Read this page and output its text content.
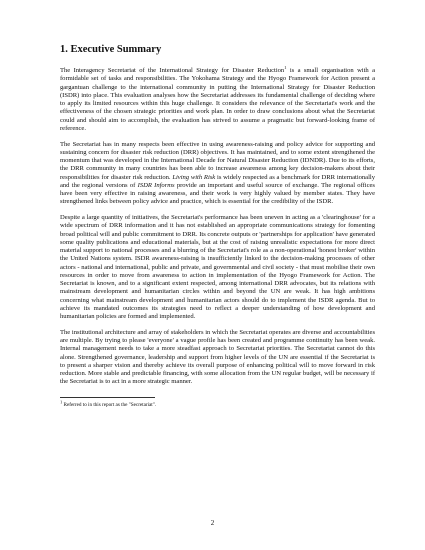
1. Executive Summary

The Interagency Secretariat of the International Strategy for Disaster Reduction$^1$ is a small organisation with a formidable set of tasks and responsibilities. The Yokohama Strategy and the Hyogo Framework for Action present a gargantuan challenge to the international community in putting the International Strategy for Disaster Reduction (ISDR) into place. This evaluation analyses how the Secretariat addresses its fundamental challenge of deciding where to apply its limited resources within this huge challenge. It considers the relevance of the Secretariat's work and the effectiveness of the chosen strategic priorities and work plan. In order to draw conclusions about what the Secretariat could and should aim to accomplish, the evaluation has strived to assume a pragmatic but forward-looking frame of reference.

The Secretariat has in many respects been effective in using awareness-raising and policy advice for supporting and sustaining concern for disaster risk reduction (DRR) objectives. It has maintained, and to some extent strengthened the momentum that was developed in the International Decade for Natural Disaster Reduction (IDNDR). Due to its efforts, the DRR community in many countries has been able to increase awareness among key decision-makers about their responsibilities for disaster risk reduction. Living with Risk is widely respected as a benchmark for DRR internationally and the regional versions of ISDR Informs provide an important and useful source of exchange. The regional offices have been very effective in raising awareness, and their work is very highly valued by member states. They have strengthened links between policy advice and practice, which is essential for the credibility of the ISDR.

Despite a large quantity of initiatives, the Secretariat's performance has been uneven in acting as a 'clearinghouse' for a wide spectrum of DRR information and it has not established an appropriate communications strategy for fomenting broad political will and public commitment to DRR. Its concrete outputs or 'partnerships for application' have generated some quality publications and educational materials, but at the cost of raising unrealistic expectations for more direct material support to national processes and a blurring of the Secretariat's role as a non-operational 'honest broker' within the United Nations system. ISDR awareness-raising is insufficiently linked to the decision-making processes of other actors - national and international, public and private, and governmental and civil society - that must mobilise their own resources in order to move from awareness to action in implementation of the Hyogo Framework for Action. The Secretariat is known, and to a significant extent respected, among international DRR advocates, but its relations with mainstream development and humanitarian circles within and beyond the UN are weak. It has high ambitions concerning what mainstream development and humanitarian actors should do to implement the ISDR agenda. But to achieve its mandated outcomes its strategies need to reflect a deeper understanding of how development and humanitarian policies are formed and implemented.

The institutional architecture and array of stakeholders in which the Secretariat operates are diverse and accountabilities are multiple. By trying to please 'everyone' a vague profile has been created and programme continuity has been weak. Internal management needs to take a more steadfast approach to Secretariat priorities. The Secretariat cannot do this alone. Strengthened governance, leadership and support from higher levels of the UN are essential if the Secretariat is to present a sharper vision and thereby achieve its overall purpose of enhancing political will to move forward in risk reduction. More stable and predictable financing, with some allocation from the UN regular budget, will be necessary if the Secretariat is to act in a more strategic manner.

$^1$ Referred to in this report as the "Secretariat".

2
